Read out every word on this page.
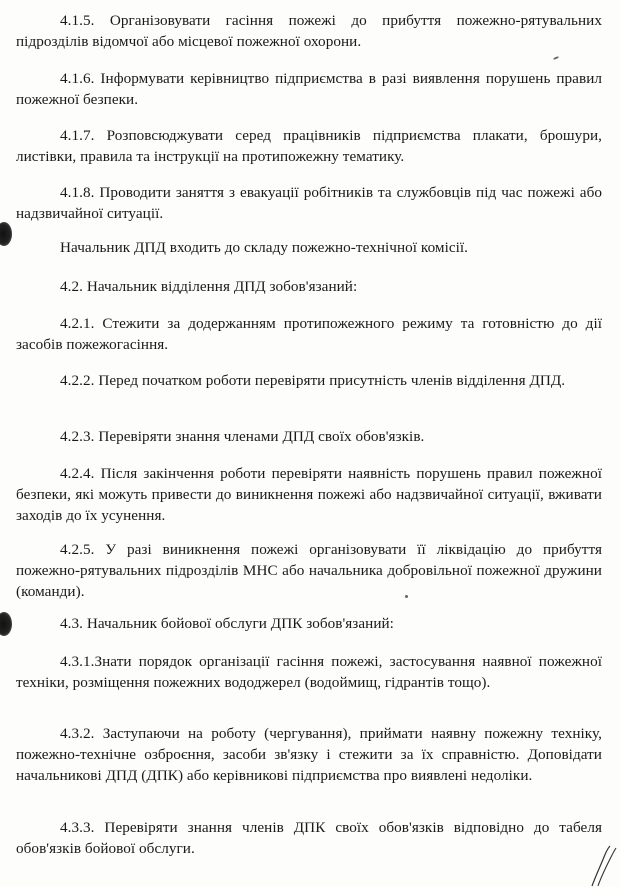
4.1.5. Організовувати гасіння пожежі до прибуття пожежно-рятувальних підрозділів відомчої або місцевої пожежної охорони.

4.1.6. Інформувати керівництво підприємства в разі виявлення порушень правил пожежної безпеки.

4.1.7. Розповсюджувати серед працівників підприємства плакати, брошури, листівки, правила та інструкції на протипожежну тематику.

4.1.8. Проводити заняття з евакуації робітників та службовців під час пожежі або надзвичайної ситуації.

Начальник ДПД входить до складу пожежно-технічної комісії.

4.2. Начальник відділення ДПД зобов'язаний:

4.2.1. Стежити за додержанням протипожежного режиму та готовністю до дії засобів пожежогасіння.

4.2.2. Перед початком роботи перевіряти присутність членів відділення ДПД.

4.2.3. Перевіряти знання членами ДПД своїх обов'язків.

4.2.4. Після закінчення роботи перевіряти наявність порушень правил пожежної безпеки, які можуть привести до виникнення пожежі або надзвичайної ситуації, вживати заходів до їх усунення.

4.2.5. У разі виникнення пожежі організовувати її ліквідацію до прибуття пожежно-рятувальних підрозділів МНС або начальника добровільної пожежної дружини (команди).

4.3. Начальник бойової обслуги ДПК зобов'язаний:

4.3.1.Знати порядок організації гасіння пожежі, застосування наявної пожежної техніки, розміщення пожежних вододжерел (водоймищ, гідрантів тощо).

4.3.2. Заступаючи на роботу (чергування), приймати наявну пожежну техніку, пожежно-технічне озброєння, засоби зв'язку і стежити за їх справністю. Доповідати начальникові ДПД (ДПК) або керівникові підприємства про виявлені недоліки.

4.3.3. Перевіряти знання членів ДПК своїх обов'язків відповідно до табеля обов'язків бойової обслуги.
